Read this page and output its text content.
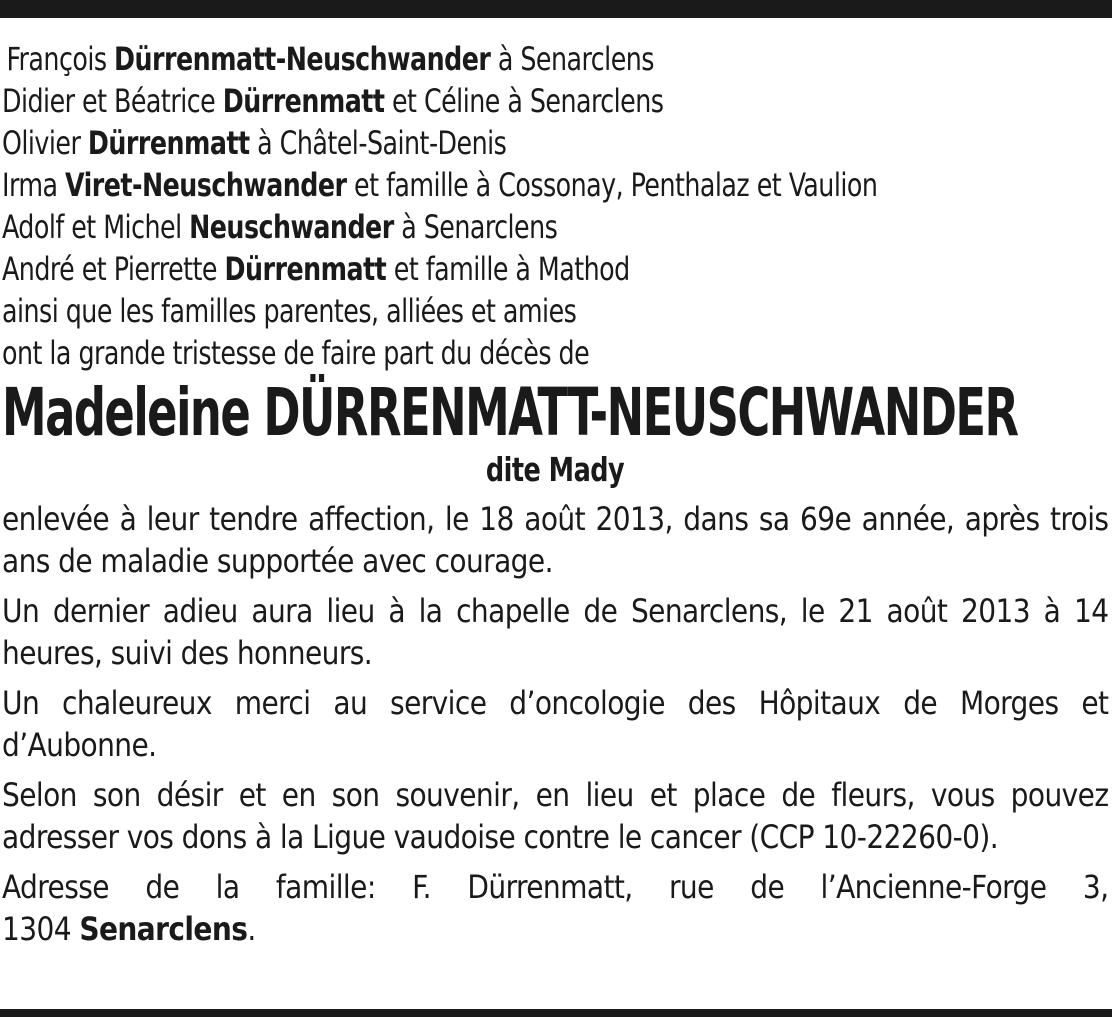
 François Dürrenmatt-Neuschwander à Senarclens
Didier et Béatrice Dürrenmatt et Céline à Senarclens
Olivier Dürrenmatt à Châtel-Saint-Denis
Irma Viret-Neuschwander et famille à Cossonay, Penthalaz et Vaulion
Adolf et Michel Neuschwander à Senarclens
André et Pierrette Dürrenmatt et famille à Mathod
ainsi que les familles parentes, alliées et amies
ont la grande tristesse de faire part du décès de
Madeleine DÜRRENMATT-NEUSCHWANDER
dite Mady
enlevée à leur tendre affection, le 18 août 2013, dans sa 69e année, après trois ans de maladie supportée avec courage.
Un dernier adieu aura lieu à la chapelle de Senarclens, le 21 août 2013 à 14 heures, suivi des honneurs.
Un chaleureux merci au service d’oncologie des Hôpitaux de Morges et d’Aubonne.
Selon son désir et en son souvenir, en lieu et place de fleurs, vous pouvez adresser vos dons à la Ligue vaudoise contre le cancer (CCP 10-22260-0).
Adresse de la famille: F. Dürrenmatt, rue de l’Ancienne-Forge 3,
1304 Senarclens.
